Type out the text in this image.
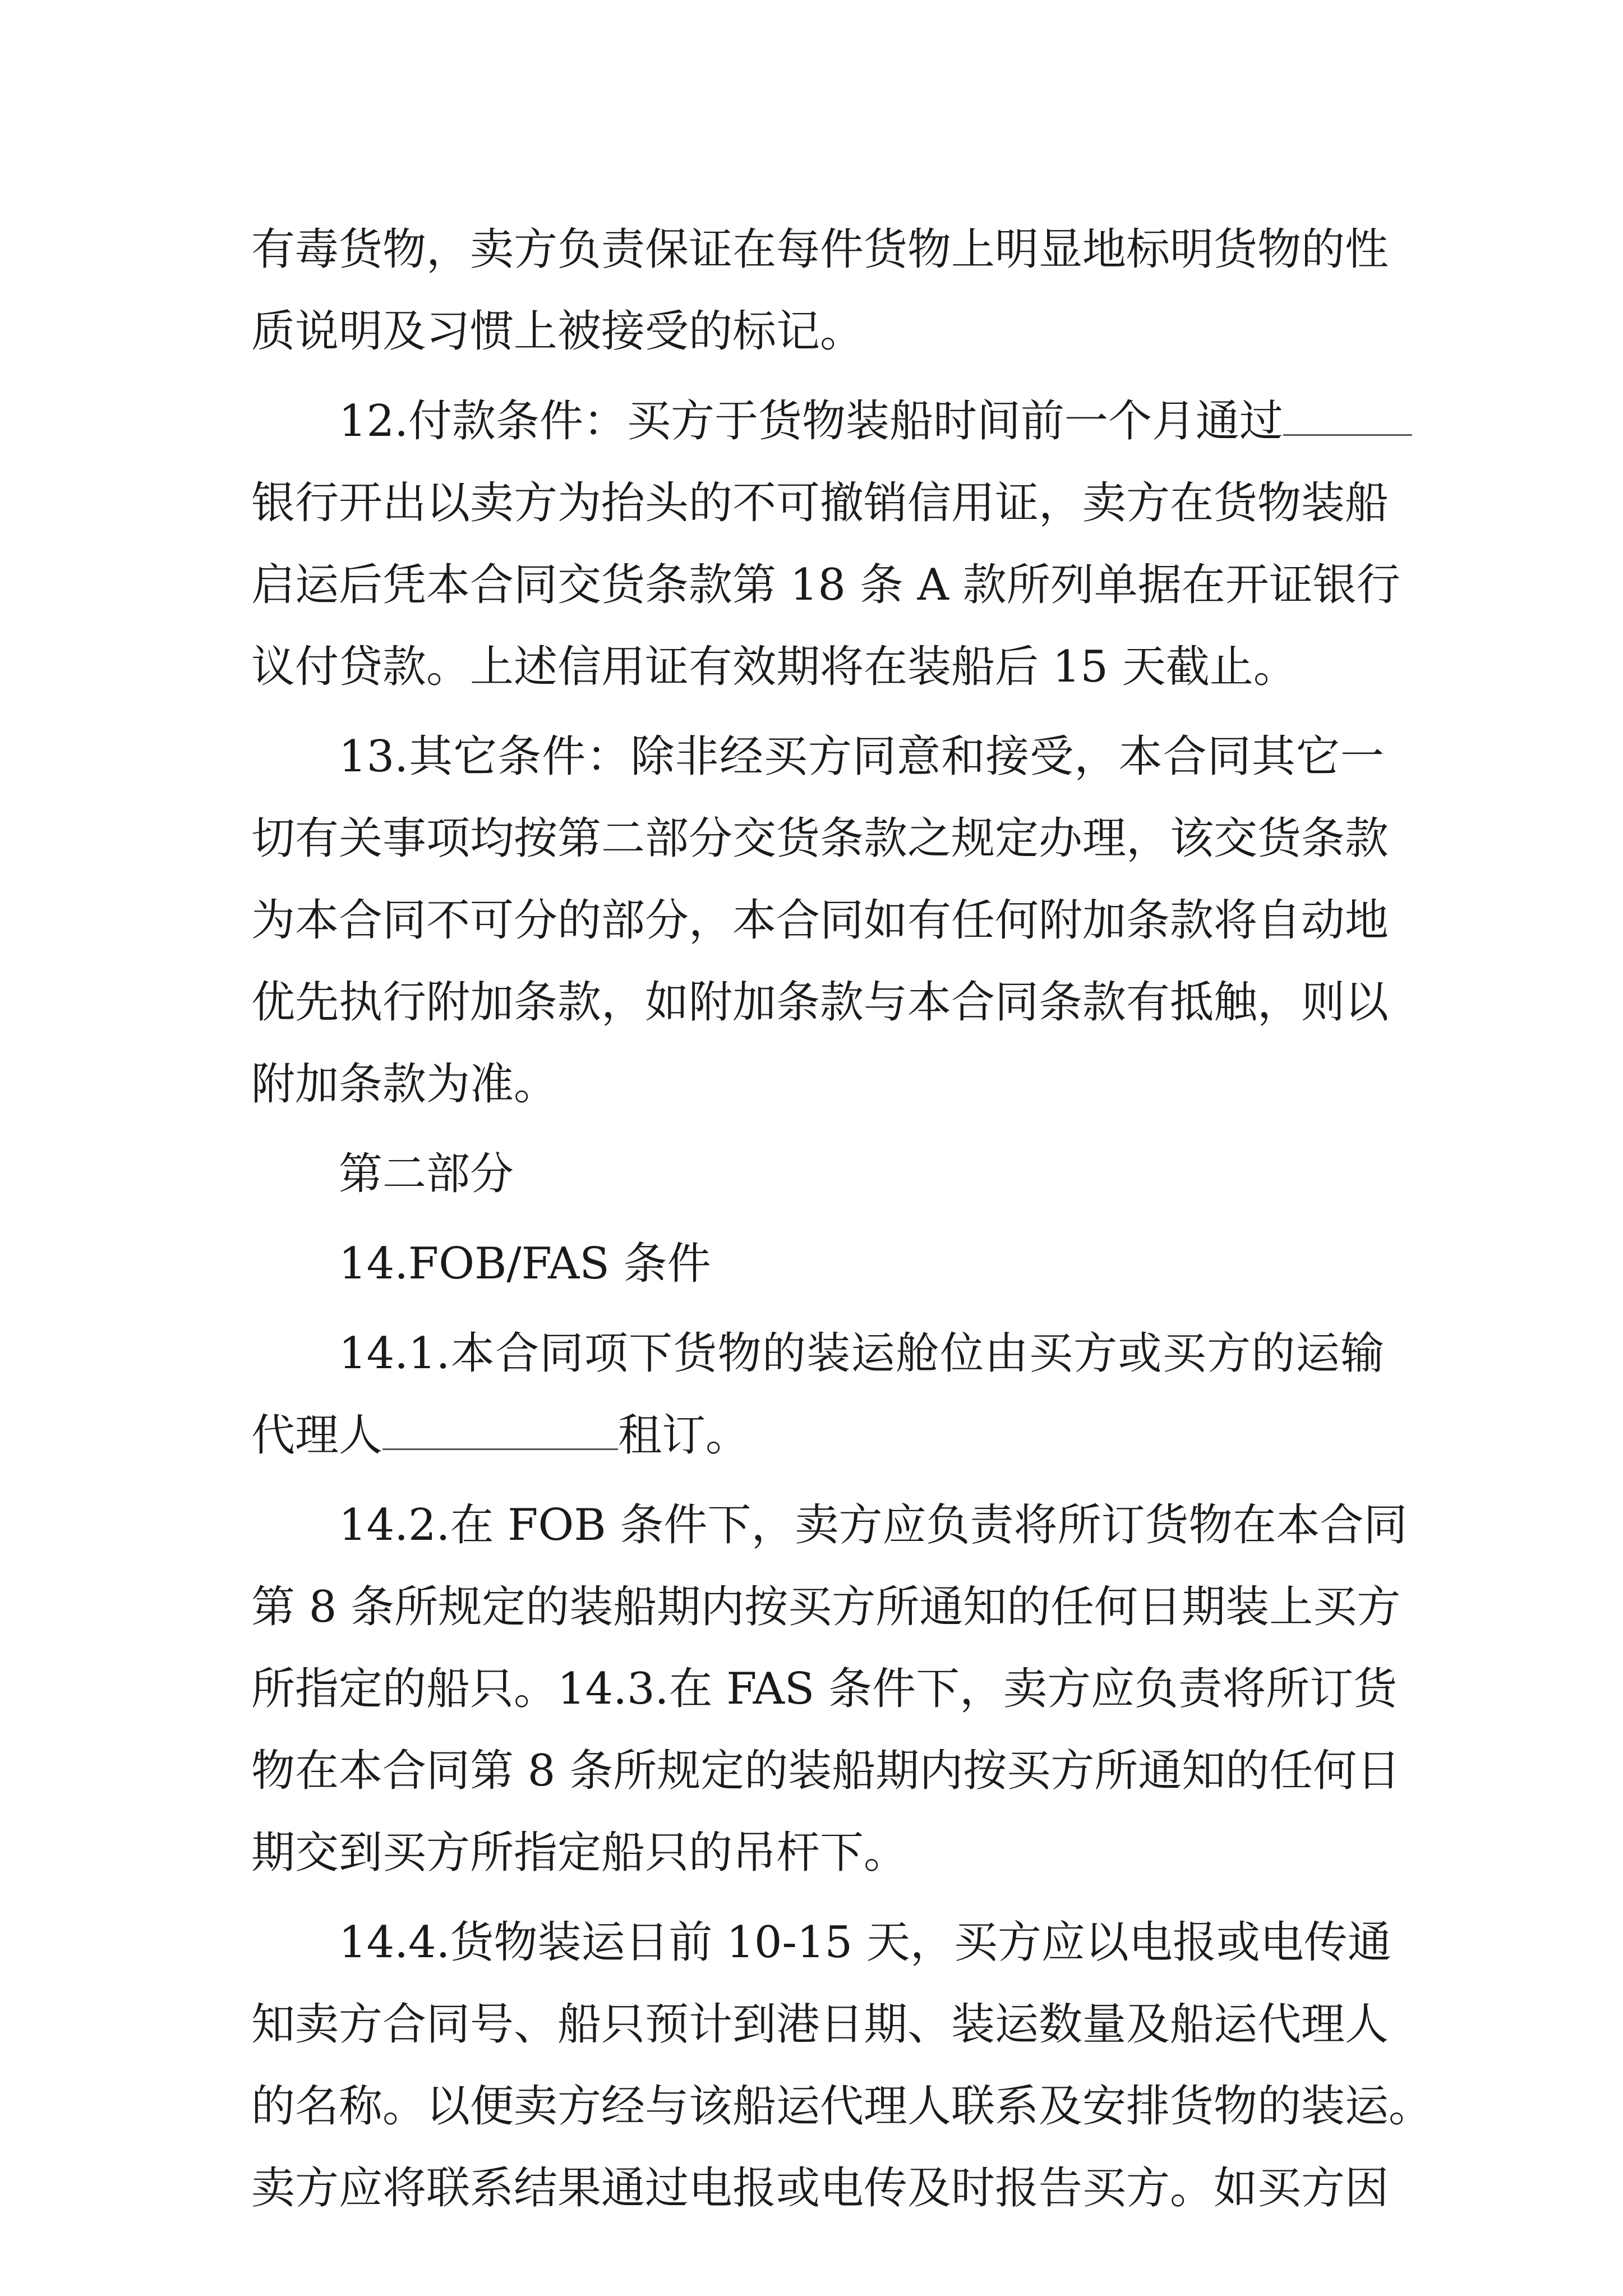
有毒货物，卖方负责保证在每件货物上明显地标明货物的性
质说明及习惯上被接受的标记。
12.付款条件：买方于货物装船时间前一个月通过
银行开出以卖方为抬头的不可撤销信用证，卖方在货物装船
启运后凭本合同交货条款第 18 条 A 款所列单据在开证银行
议付贷款。上述信用证有效期将在装船后 15 天截止。
13.其它条件：除非经买方同意和接受，本合同其它一
切有关事项均按第二部分交货条款之规定办理，该交货条款
为本合同不可分的部分，本合同如有任何附加条款将自动地
优先执行附加条款，如附加条款与本合同条款有抵触，则以
附加条款为准。
第二部分
14.FOB/FAS 条件
14.1.本合同项下货物的装运舱位由买方或买方的运输
代理人	租订。
14.2.在 FOB 条件下，卖方应负责将所订货物在本合同
第 8 条所规定的装船期内按买方所通知的任何日期装上买方
所指定的船只。14.3.在 FAS 条件下，卖方应负责将所订货
物在本合同第 8 条所规定的装船期内按买方所通知的任何日
期交到买方所指定船只的吊杆下。
14.4.货物装运日前 10-15 天，买方应以电报或电传通
知卖方合同号、船只预计到港日期、装运数量及船运代理人
的名称。以便卖方经与该船运代理人联系及安排货物的装运。
卖方应将联系结果通过电报或电传及时报告买方。如买方因
